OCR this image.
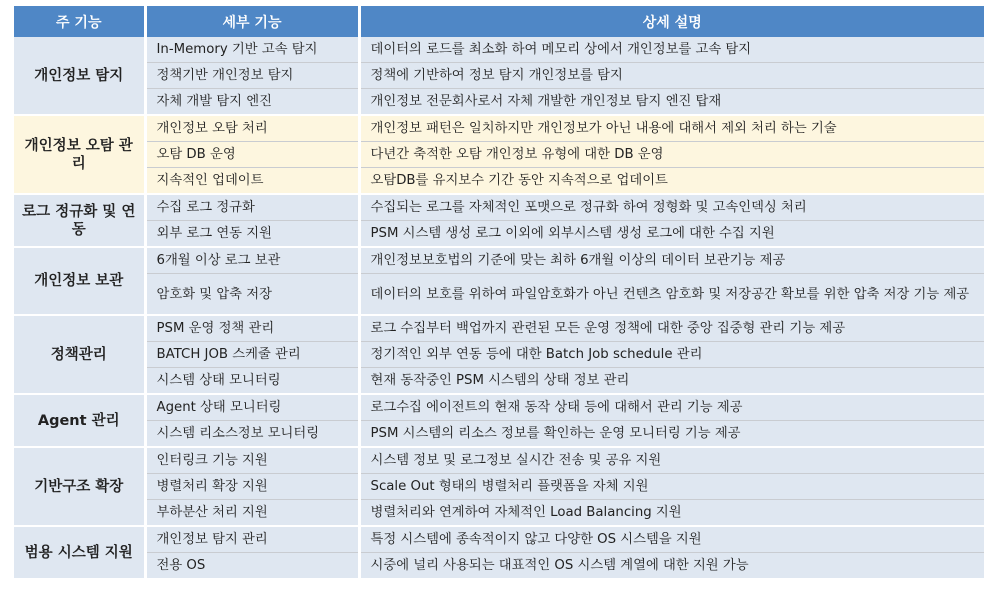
주 기능	세부 기능	상세 설명
개인정보 탐지	In-Memory 기반 고속 탐지	데이터의 로드를 최소화 하여 메모리 상에서 개인정보를 고속 탐지
	정책기반 개인정보 탐지	정책에 기반하여 정보 탐지 개인정보를 탐지
	자체 개발 탐지 엔진	개인정보 전문회사로서 자체 개발한 개인정보 탐지 엔진 탑재
개인정보 오탐 관리	개인정보 오탐 처리	개인정보 패턴은 일치하지만 개인정보가 아닌 내용에 대해서 제외 처리 하는 기술
	오탐 DB 운영	다년간 축적한 오탐 개인정보 유형에 대한 DB 운영
	지속적인 업데이트	오탐DB를 유지보수 기간 동안 지속적으로 업데이트
로그 정규화 및 연동	수집 로그 정규화	수집되는 로그를 자체적인 포맷으로 정규화 하여 정형화 및 고속인덱싱 처리
	외부 로그 연동 지원	PSM 시스템 생성 로그 이외에 외부시스템 생성 로그에 대한 수집 지원
개인정보 보관	6개월 이상 로그 보관	개인정보보호법의 기준에 맞는 최하 6개월 이상의 데이터 보관기능 제공
	암호화 및 압축 저장	데이터의 보호를 위하여 파일암호화가 아닌 컨텐츠 암호화 및 저장공간 확보를 위한 압축 저장 기능 제공
정책관리	PSM 운영 정책 관리	로그 수집부터 백업까지 관련된 모든 운영 정책에 대한 중앙 집중형 관리 기능 제공
	BATCH JOB 스케줄 관리	정기적인 외부 연동 등에 대한 Batch Job schedule 관리
	시스템 상태 모니터링	현재 동작중인 PSM 시스템의 상태 정보 관리
Agent 관리	Agent 상태 모니터링	로그수집 에이전트의 현재 동작 상태 등에 대해서 관리 기능 제공
	시스템 리소스정보 모니터링	PSM 시스템의 리소스 정보를 확인하는 운영 모니터링 기능 제공
기반구조 확장	인터링크 기능 지원	시스템 정보 및 로그정보 실시간 전송 및 공유 지원
	병렬처리 확장 지원	Scale Out 형태의 병렬처리 플랫폼을 자체 지원
	부하분산 처리 지원	병렬처리와 연계하여 자체적인 Load Balancing 지원
범용 시스템 지원	개인정보 탐지 관리	특정 시스템에 종속적이지 않고 다양한 OS 시스템을 지원
	전용 OS	시중에 널리 사용되는 대표적인 OS 시스템 계열에 대한 지원 가능
